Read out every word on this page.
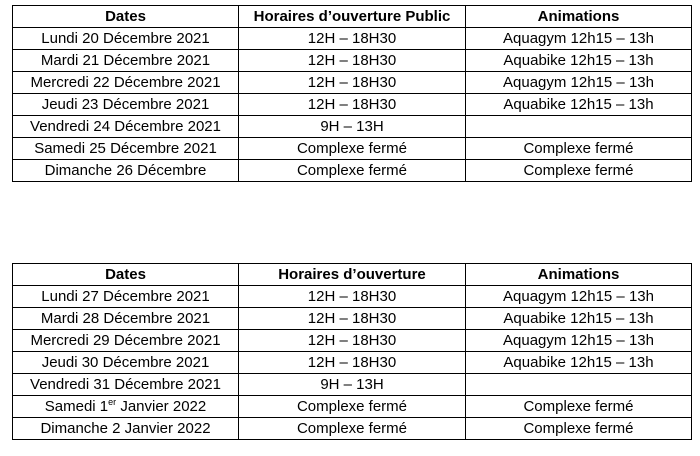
Dates	Horaires d’ouverture Public	Animations
Lundi 20 Décembre 2021	12H – 18H30	Aquagym 12h15 – 13h
Mardi 21 Décembre 2021	12H – 18H30	Aquabike 12h15 – 13h
Mercredi 22 Décembre 2021	12H – 18H30	Aquagym 12h15 – 13h
Jeudi 23 Décembre 2021	12H – 18H30	Aquabike 12h15 – 13h
Vendredi 24 Décembre 2021	9H – 13H	
Samedi 25 Décembre 2021	Complexe fermé	Complexe fermé
Dimanche 26 Décembre	Complexe fermé	Complexe fermé
Dates	Horaires d’ouverture	Animations
Lundi 27 Décembre 2021	12H – 18H30	Aquagym 12h15 – 13h
Mardi 28 Décembre 2021	12H – 18H30	Aquabike 12h15 – 13h
Mercredi 29 Décembre 2021	12H – 18H30	Aquagym 12h15 – 13h
Jeudi 30 Décembre 2021	12H – 18H30	Aquabike 12h15 – 13h
Vendredi 31 Décembre 2021	9H – 13H	
Samedi 1er Janvier 2022	Complexe fermé	Complexe fermé
Dimanche 2 Janvier 2022	Complexe fermé	Complexe fermé
